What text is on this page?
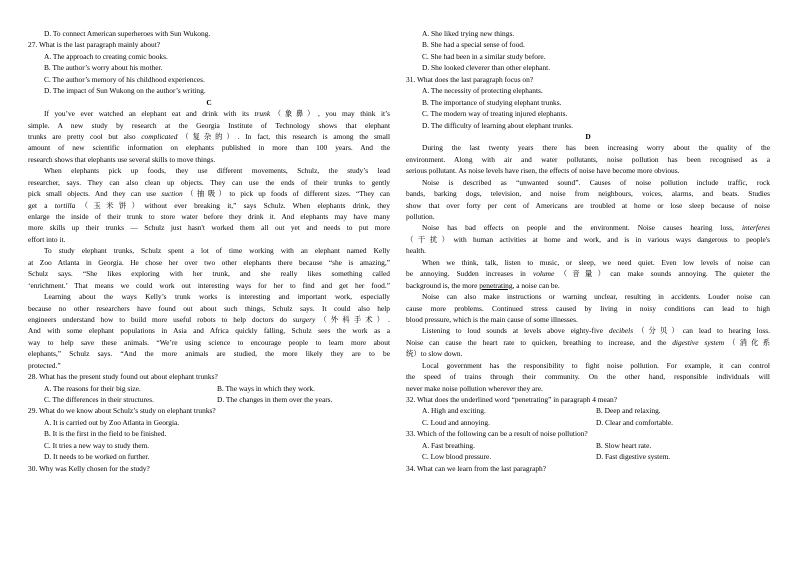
D. To connect American superheroes with Sun Wukong.
27. What is the last paragraph mainly about?
A. The approach to creating comic books.
B. The author’s worry about his mother.
C. The author’s memory of his childhood experiences.
D. The impact of Sun Wukong on the author’s writing.
C
If you’ve ever watched an elephant eat and drink with its trunk（象鼻）, you may think it’s
simple. A new study by research at the Georgia Institute of Technology shows that elephant
trunks are pretty cool but also complicated（复杂的）. In fact, this research is among the small
amount of new scientific information on elephants published in more than 100 years. And the
research shows that elephants use several skills to move things.
When elephants pick up foods, they use different movements, Schulz, the study’s lead
researcher, says. They can also clean up objects. They can use the ends of their trunks to gently
pick small objects. And they can use suction（抽吸）to pick up foods of different sizes. “They can
get a tortilla（玉米饼）without ever breaking it,” says Schulz. When elephants drink, they
enlarge the inside of their trunk to store water before they drink it. And elephants may have many
more skills up their trunks — Schulz just hasn't worked them all out yet and needs to put more
effort into it.
To study elephant trunks, Schulz spent a lot of time working with an elephant named Kelly
at Zoo Atlanta in Georgia. He chose her over two other elephants there because “she is amazing,”
Schulz says. “She likes exploring with her trunk, and she really likes something called
‘enrichment.’ That means we could work out interesting ways for her to find and get her food.”
Learning about the ways Kelly’s trunk works is interesting and important work, especially
because no other researchers have found out about such things, Schulz says. It could also help
engineers understand how to build more useful robots to help doctors do surgery（外科手术）.
And with some elephant populations in Asia and Africa quickly falling, Schulz sees the work as a
way to help save these animals. “We’re using science to encourage people to learn more about
elephants,” Schulz says. “And the more animals are studied, the more likely they are to be
protected.”
28. What has the present study found out about elephant trunks?
A. The reasons for their big size.	B. The ways in which they work.
C. The differences in their structures.	D. The changes in them over the years.
29. What do we know about Schulz’s study on elephant trunks?
A. It is carried out by Zoo Atlanta in Georgia.
B. It is the first in the field to be finished.
C. It tries a new way to study them.
D. It needs to be worked on further.
30. Why was Kelly chosen for the study?
A. She liked trying new things.
B. She had a special sense of food.
C. She had been in a similar study before.
D. She looked cleverer than other elephant.
31. What does the last paragraph focus on?
A. The necessity of protecting elephants.
B. The importance of studying elephant trunks.
C. The modern way of treating injured elephants.
D. The difficulty of learning about elephant trunks.
D
During the last twenty years there has been increasing worry about the quality of the
environment. Along with air and water pollutants, noise pollution has been recognised as a
serious pollutant. As noise levels have risen, the effects of noise have become more obvious.
Noise is described as “unwanted sound”. Causes of noise pollution include traffic, rock
bands, barking dogs, television, and noise from neighbours, voices, alarms, and beats. Studies
show that over forty per cent of Americans are troubled at home or lose sleep because of noise
pollution.
Noise has bad effects on people and the environment. Noise causes hearing loss, interferes
（干扰）with human activities at home and work, and is in various ways dangerous to people's
health.
When we think, talk, listen to music, or sleep, we need quiet. Even low levels of noise can
be annoying. Sudden increases in volume（音量）can make sounds annoying. The quieter the
background is, the more penetrating, a noise can be.
Noise can also make instructions or warning unclear, resulting in accidents. Louder noise can
cause more problems. Continued stress caused by living in noisy conditions can lead to high
blood pressure, which is the main cause of some illnesses.
Listening to loud sounds at levels above eighty-five decibels（分贝）can lead to hearing loss.
Noise can cause the heart rate to quicken, breathing to increase, and the digestive system（消化系
统）to slow down.
Local government has the responsibility to fight noise pollution. For example, it can control
the speed of trains through their community. On the other hand, responsible individuals will
never make noise pollution wherever they are.
32. What does the underlined word “penetrating” in paragraph 4 mean?
A. High and exciting.	B. Deep and relaxing.
C. Loud and annoying.	D. Clear and comfortable.
33. Which of the following can be a result of noise pollution?
A. Fast breathing.	B. Slow heart rate.
C. Low blood pressure.	D. Fast digestive system.
34. What can we learn from the last paragraph?
